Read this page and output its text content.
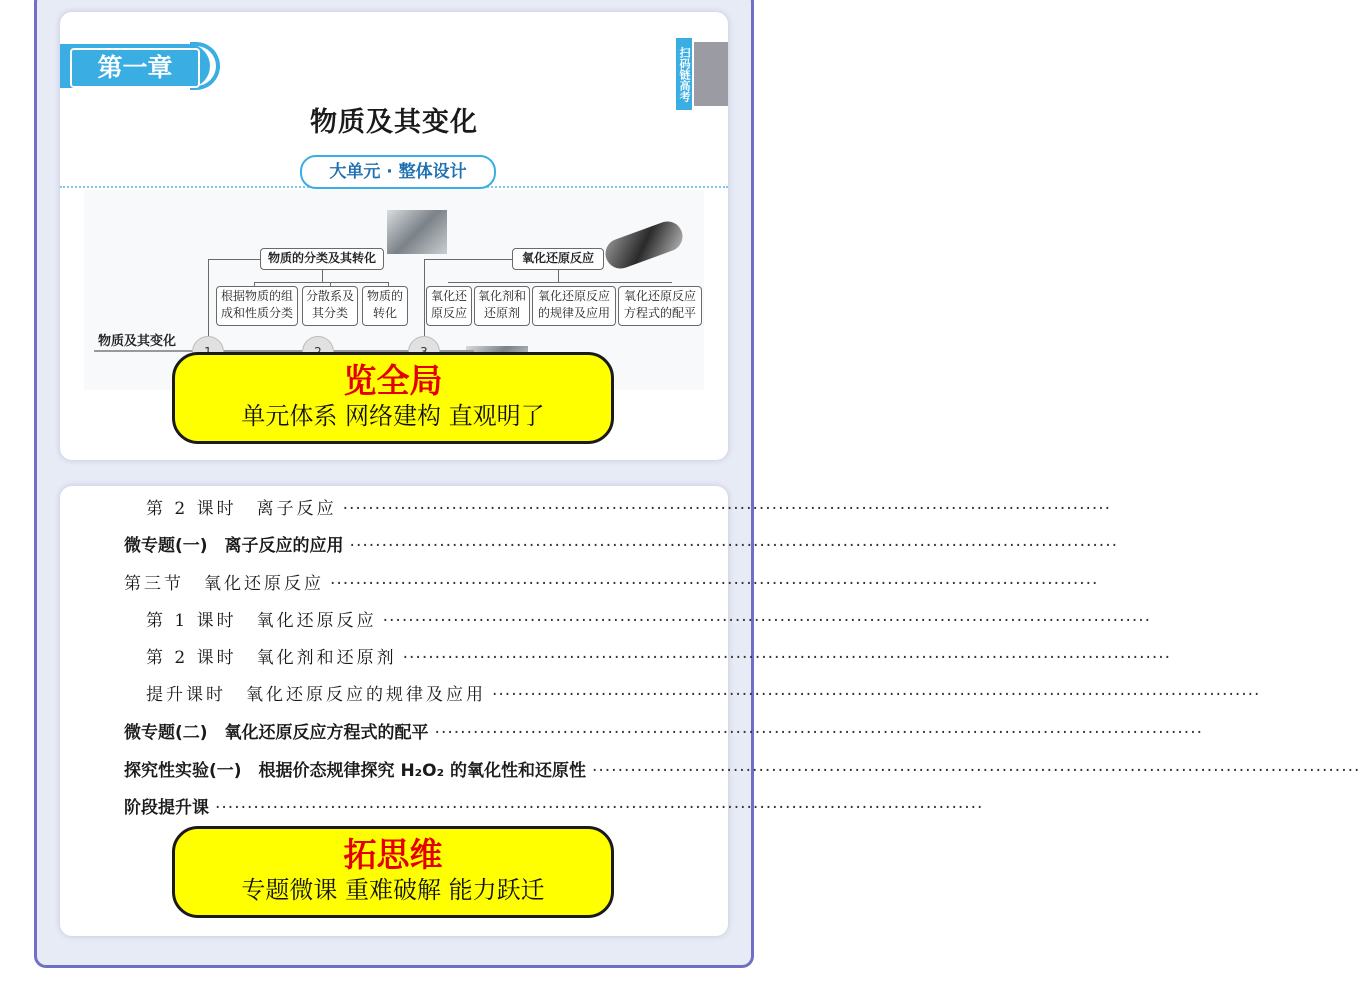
第一章	扫码链高考
物质及其变化
大单元 · 整体设计
物质的分类及其转化
根据物质的组成和性质分类
分散系及其分类
物质的转化
氧化还原反应
氧化还原反应
氧化剂和还原剂
氧化还原反应的规律及应用
氧化还原反应方程式的配平
物质及其变化
览全局
单元体系 网络建构 直观明了
第 2 课时　离子反应 ························································································································
微专题(一)　离子反应的应用 ························································································································
第三节　氧化还原反应 ························································································································
第 1 课时　氧化还原反应 ························································································································
第 2 课时　氧化剂和还原剂 ························································································································
提升课时　氧化还原反应的规律及应用 ························································································································
微专题(二)　氧化还原反应方程式的配平 ························································································································
探究性实验(一)　根据价态规律探究 H₂O₂ 的氧化性和还原性 ························································································································
阶段提升课 ························································································································
拓思维
专题微课 重难破解 能力跃迁
